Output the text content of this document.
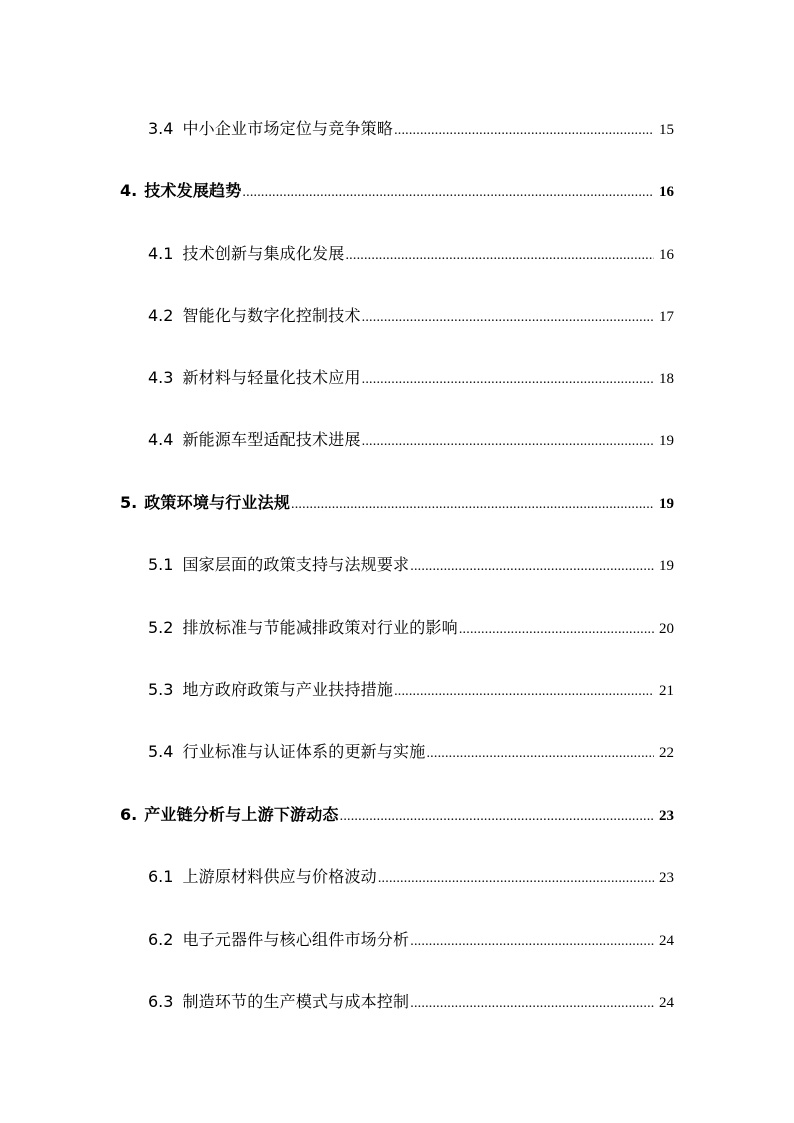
3.4 中小企业市场定位与竞争策略 .....	15
4. 技术发展趋势 .....	16
4.1 技术创新与集成化发展 .....	16
4.2 智能化与数字化控制技术 .....	17
4.3 新材料与轻量化技术应用 .....	18
4.4 新能源车型适配技术进展 .....	19
5. 政策环境与行业法规 .....	19
5.1 国家层面的政策支持与法规要求 .....	19
5.2 排放标准与节能减排政策对行业的影响 .....	20
5.3 地方政府政策与产业扶持措施 .....	21
5.4 行业标准与认证体系的更新与实施 .....	22
6. 产业链分析与上游下游动态 .....	23
6.1 上游原材料供应与价格波动 .....	23
6.2 电子元器件与核心组件市场分析 .....	24
6.3 制造环节的生产模式与成本控制 .....	24
